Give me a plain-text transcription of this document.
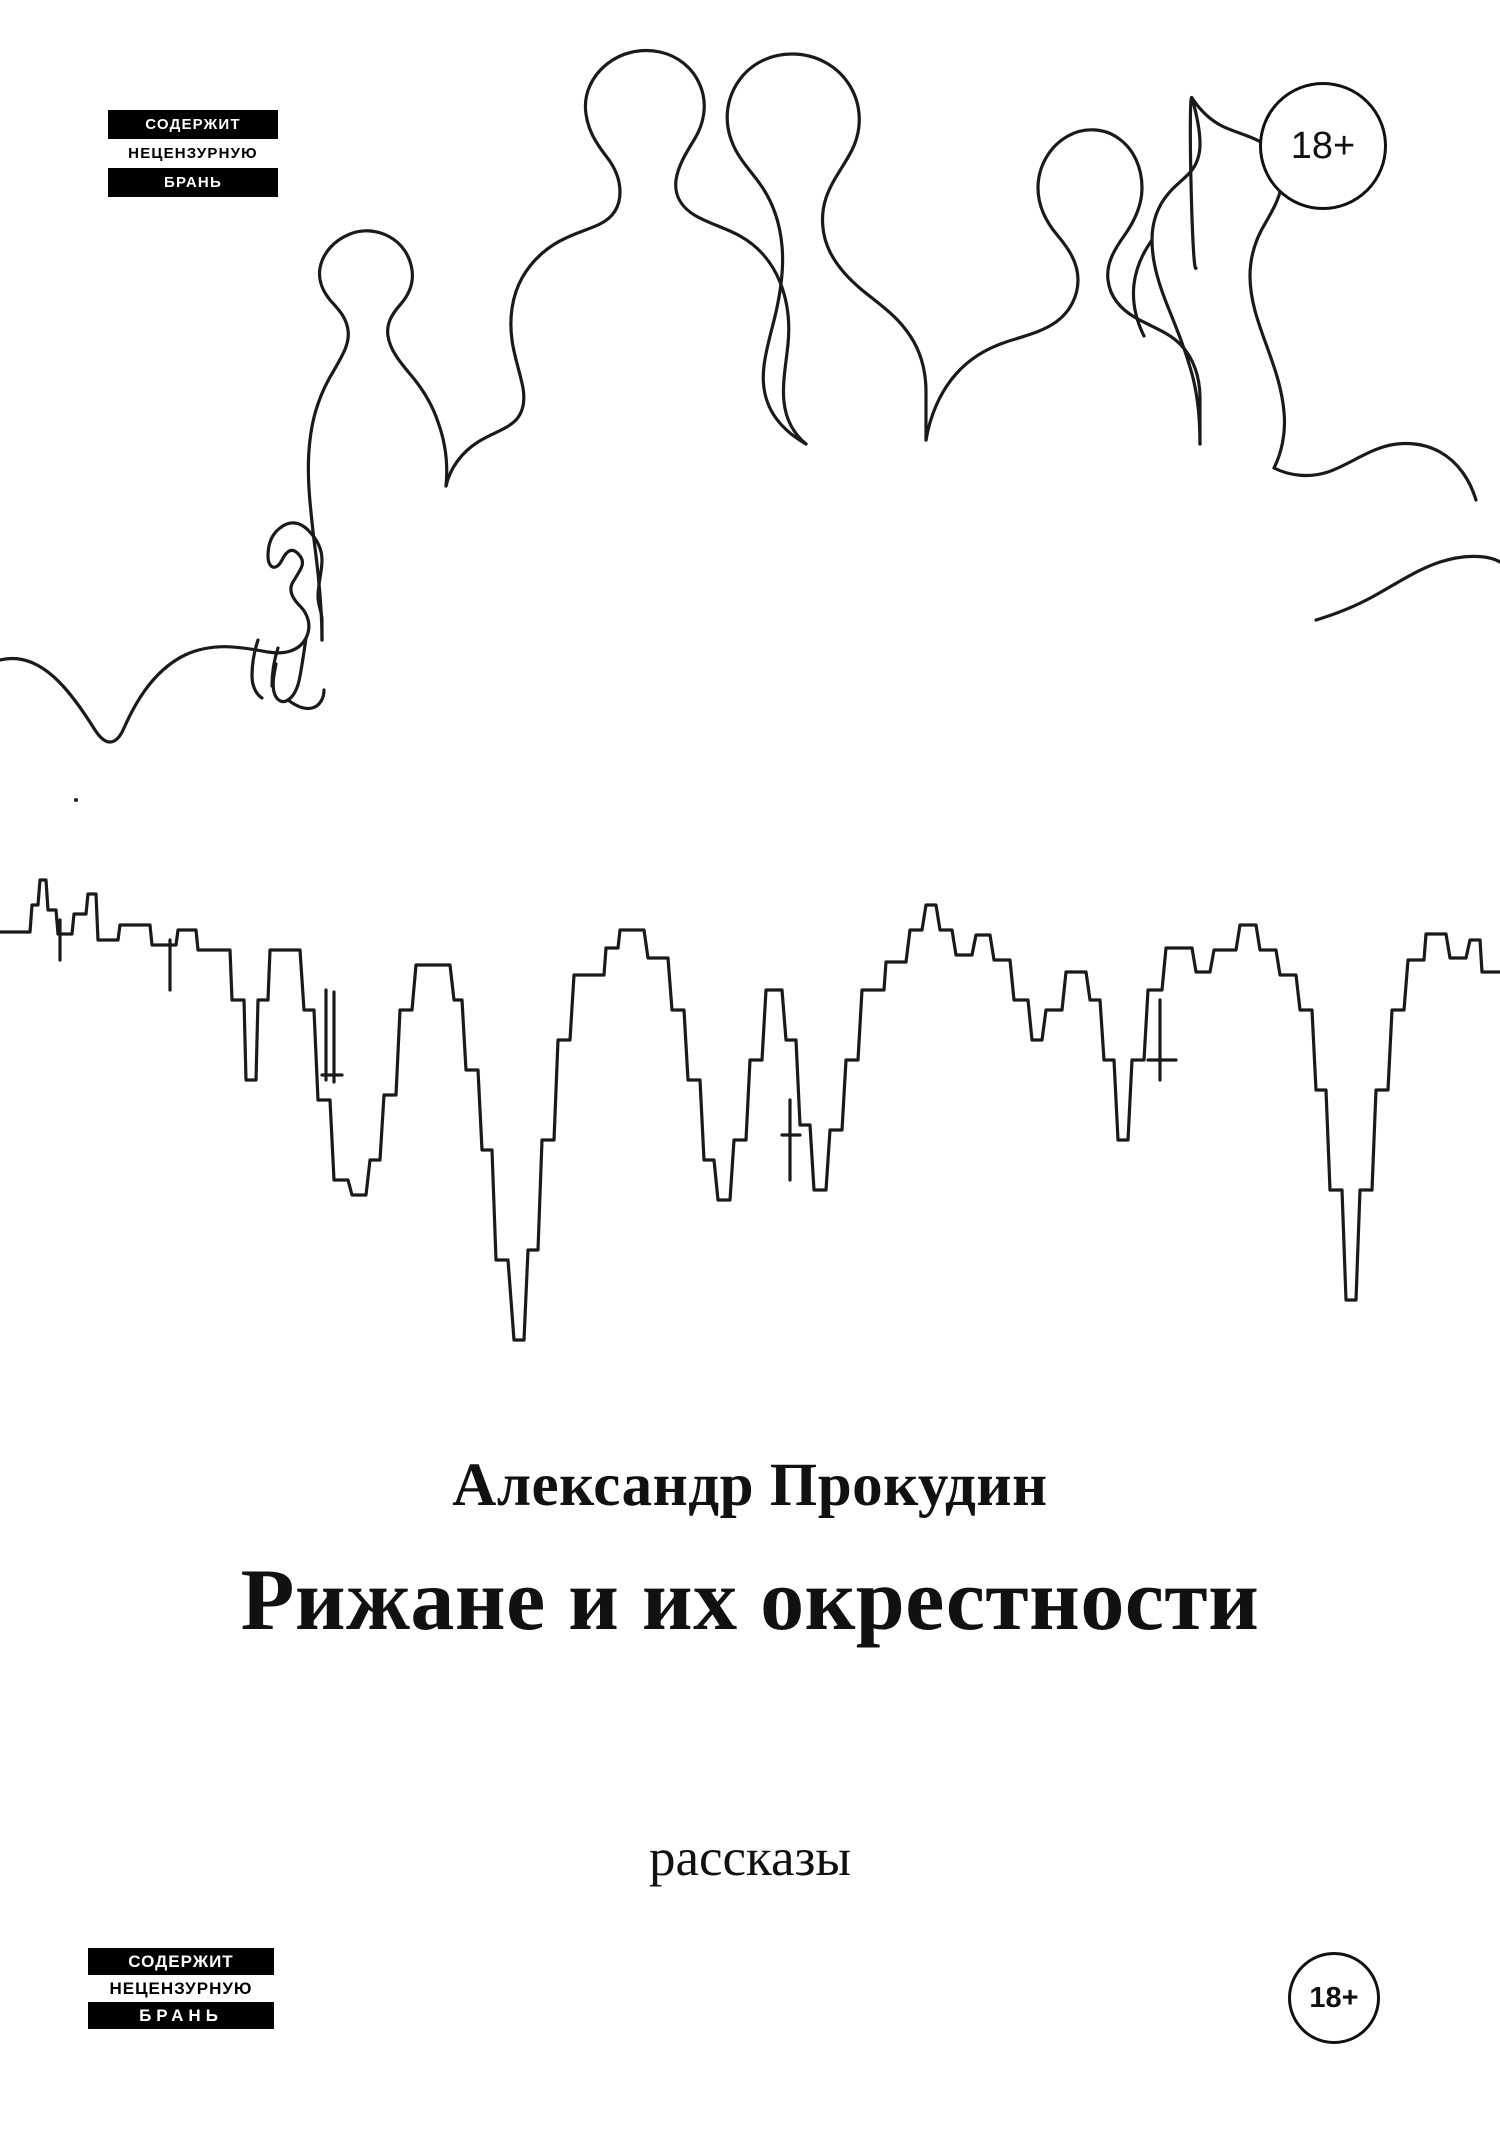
СОДЕРЖИТ
НЕЦЕНЗУРНУЮ
БРАНЬ
18+
Александр Прокудин
Рижане и их окрестности
рассказы
СОДЕРЖИТ
НЕЦЕНЗУРНУЮ
БРАНЬ
18+
